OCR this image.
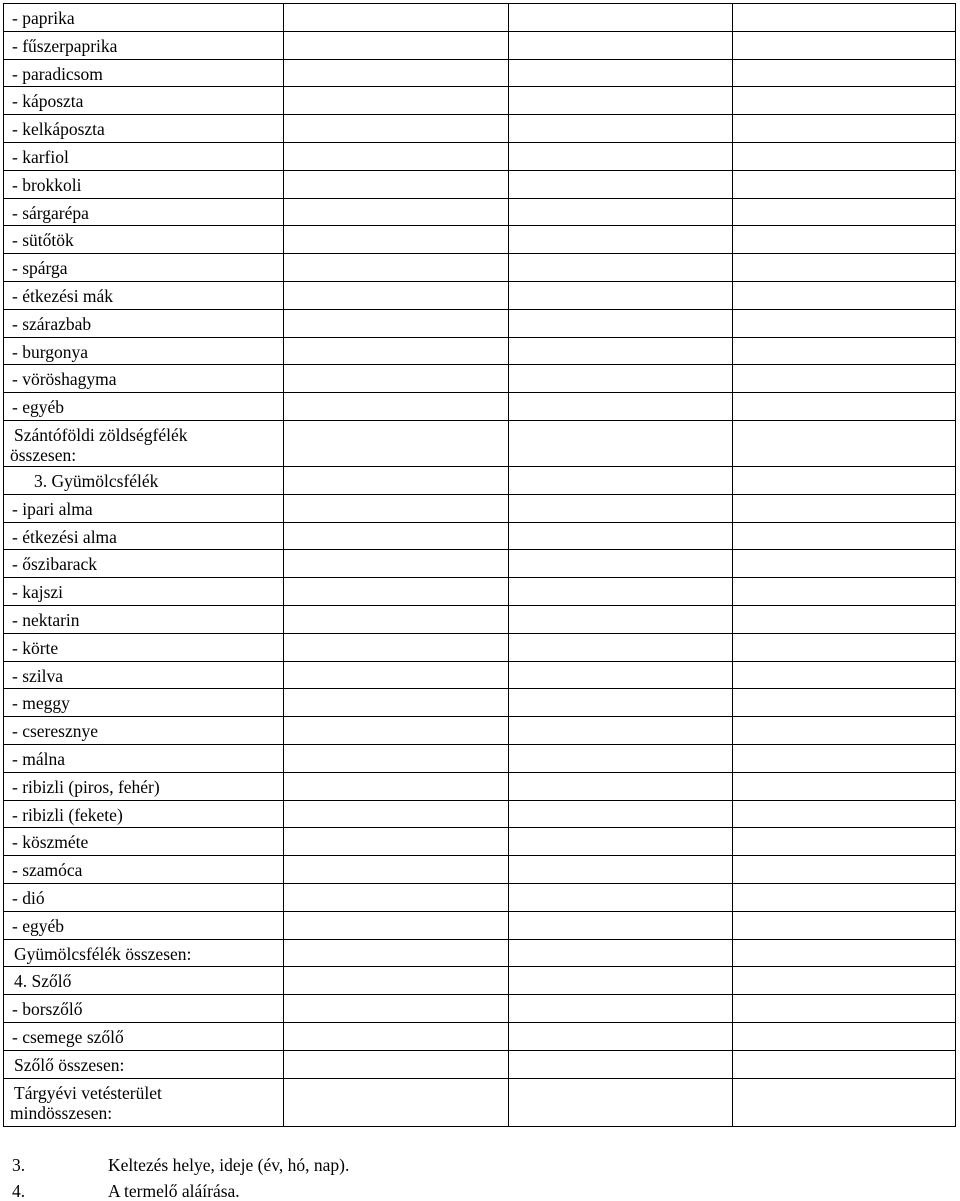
- paprika
- fűszerpaprika
- paradicsom
- káposzta
- kelkáposzta
- karfiol
- brokkoli
- sárgarépa
- sütőtök
- spárga
- étkezési mák
- szárazbab
- burgonya
- vöröshagyma
- egyéb
Szántóföldi zöldségfélék
összesen:
3. Gyümölcsfélék
- ipari alma
- étkezési alma
- őszibarack
- kajszi
- nektarin
- körte
- szilva
- meggy
- cseresznye
- málna
- ribizli (piros, fehér)
- ribizli (fekete)
- köszméte
- szamóca
- dió
- egyéb
Gyümölcsfélék összesen:
4. Szőlő
- borszőlő
- csemege szőlő
Szőlő összesen:
Tárgyévi vetésterület
mindösszesen:
3.	Keltezés helye, ideje (év, hó, nap).
4.	A termelő aláírása.
